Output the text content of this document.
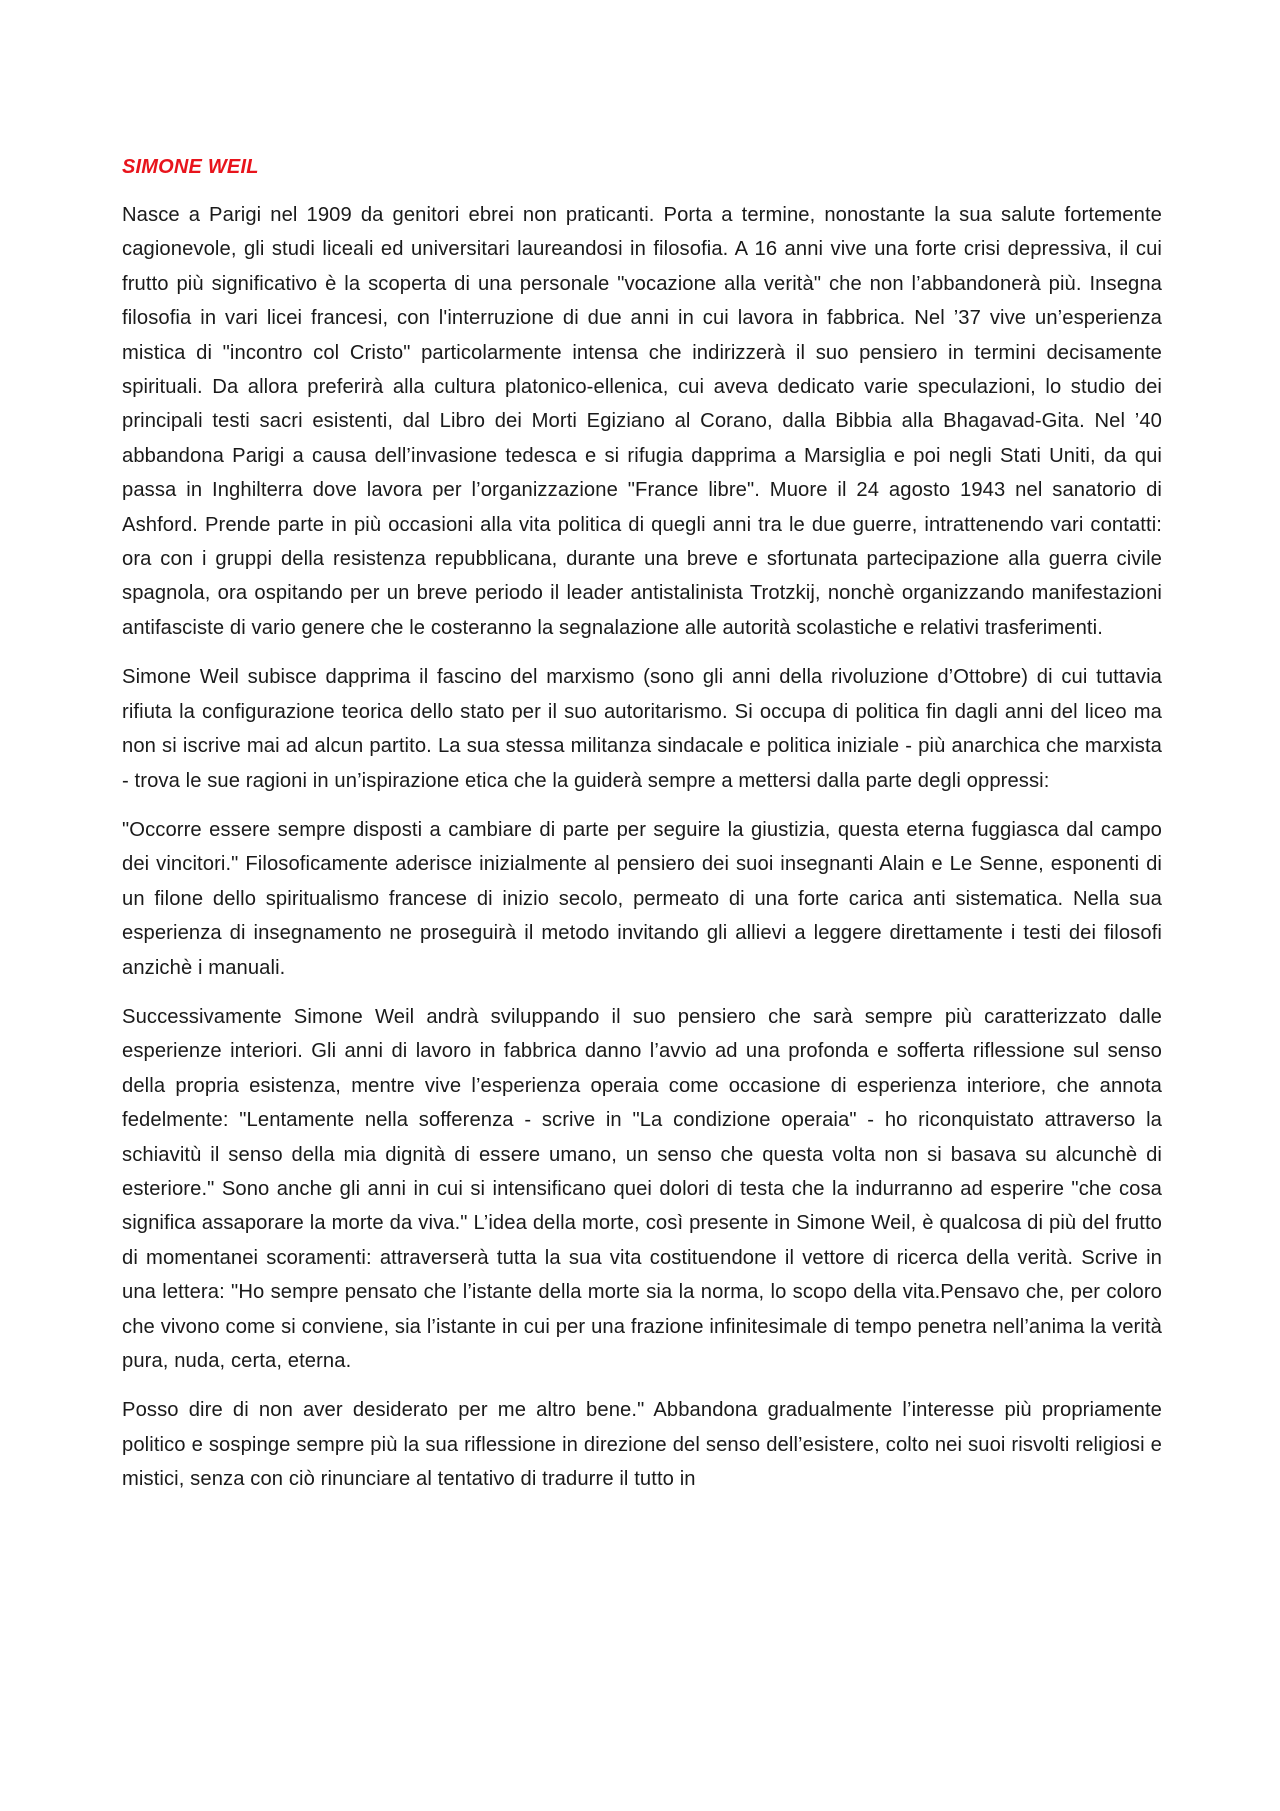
SIMONE WEIL

Nasce a Parigi nel 1909 da genitori ebrei non praticanti. Porta a termine, nonostante la sua salute fortemente cagionevole, gli studi liceali ed universitari laureandosi in filosofia. A 16 anni vive una forte crisi depressiva, il cui frutto più significativo è la scoperta di una personale "vocazione alla verità" che non l’abbandonerà più. Insegna filosofia in vari licei francesi, con l'interruzione di due anni in cui lavora in fabbrica. Nel ’37 vive un’esperienza mistica di "incontro col Cristo" particolarmente intensa che indirizzerà il suo pensiero in termini decisamente spirituali. Da allora preferirà alla cultura platonico-ellenica, cui aveva dedicato varie speculazioni, lo studio dei principali testi sacri esistenti, dal Libro dei Morti Egiziano al Corano, dalla Bibbia alla Bhagavad-Gita. Nel ’40 abbandona Parigi a causa dell’invasione tedesca e si rifugia dapprima a Marsiglia e poi negli Stati Uniti, da qui passa in Inghilterra dove lavora per l’organizzazione "France libre". Muore il 24 agosto 1943 nel sanatorio di Ashford. Prende parte in più occasioni alla vita politica di quegli anni tra le due guerre, intrattenendo vari contatti: ora con i gruppi della resistenza repubblicana, durante una breve e sfortunata partecipazione alla guerra civile spagnola, ora ospitando per un breve periodo il leader antistalinista Trotzkij, nonchè organizzando manifestazioni antifasciste di vario genere che le costeranno la segnalazione alle autorità scolastiche e relativi trasferimenti.

Simone Weil subisce dapprima il fascino del marxismo (sono gli anni della rivoluzione d’Ottobre) di cui tuttavia rifiuta la configurazione teorica dello stato per il suo autoritarismo. Si occupa di politica fin dagli anni del liceo ma non si iscrive mai ad alcun partito. La sua stessa militanza sindacale e politica iniziale - più anarchica che marxista - trova le sue ragioni in un’ispirazione etica che la guiderà sempre a mettersi dalla parte degli oppressi:

"Occorre essere sempre disposti a cambiare di parte per seguire la giustizia, questa eterna fuggiasca dal campo dei vincitori." Filosoficamente aderisce inizialmente al pensiero dei suoi insegnanti Alain e Le Senne, esponenti di un filone dello spiritualismo francese di inizio secolo, permeato di una forte carica anti sistematica. Nella sua esperienza di insegnamento ne proseguirà il metodo invitando gli allievi a leggere direttamente i testi dei filosofi anzichè i manuali.

Successivamente Simone Weil andrà sviluppando il suo pensiero che sarà sempre più caratterizzato dalle esperienze interiori. Gli anni di lavoro in fabbrica danno l’avvio ad una profonda e sofferta riflessione sul senso della propria esistenza, mentre vive l’esperienza operaia come occasione di esperienza interiore, che annota fedelmente: "Lentamente nella sofferenza - scrive in "La condizione operaia" - ho riconquistato attraverso la schiavitù il senso della mia dignità di essere umano, un senso che questa volta non si basava su alcunchè di esteriore." Sono anche gli anni in cui si intensificano quei dolori di testa che la indurranno ad esperire "che cosa significa assaporare la morte da viva." L’idea della morte, così presente in Simone Weil, è qualcosa di più del frutto di momentanei scoramenti: attraverserà tutta la sua vita costituendone il vettore di ricerca della verità. Scrive in una lettera: "Ho sempre pensato che l’istante della morte sia la norma, lo scopo della vita.Pensavo che, per coloro che vivono come si conviene, sia l’istante in cui per una frazione infinitesimale di tempo penetra nell’anima la verità pura, nuda, certa, eterna.

Posso dire di non aver desiderato per me altro bene." Abbandona gradualmente l’interesse più propriamente politico e sospinge sempre più la sua riflessione in direzione del senso dell’esistere, colto nei suoi risvolti religiosi e mistici, senza con ciò rinunciare al tentativo di tradurre il tutto in
